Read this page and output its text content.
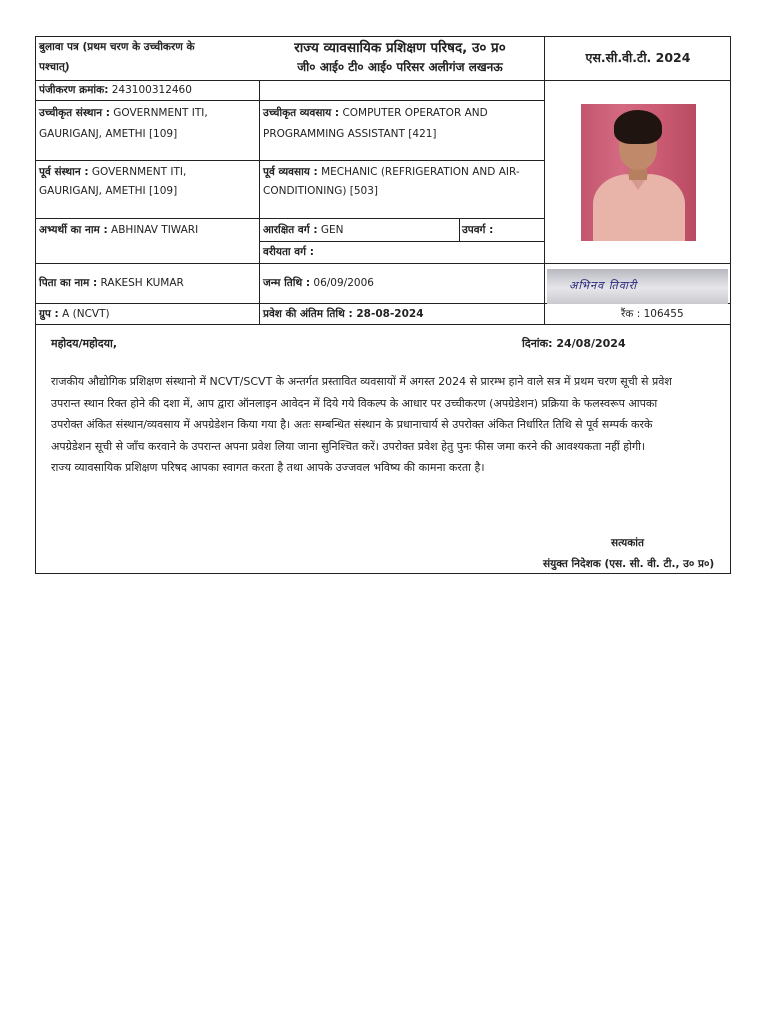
बुलावा पत्र (प्रथम चरण के उच्चीकरण के
पश्चात्)
राज्य व्यावसायिक प्रशिक्षण परिषद, उ० प्र०
जी० आई० टी० आई० परिसर अलीगंज लखनऊ
एस.सी.वी.टी. 2024
पंजीकरण क्रमांक: 243100312460
उच्चीकृत संस्थान : GOVERNMENT ITI,
GAURIGANJ, AMETHI [109]
उच्चीकृत व्यवसाय : COMPUTER OPERATOR AND
PROGRAMMING ASSISTANT [421]
पूर्व संस्थान : GOVERNMENT ITI,
GAURIGANJ, AMETHI [109]
पूर्व व्यवसाय : MECHANIC (REFRIGERATION AND AIR-
CONDITIONING) [503]
अभ्यर्थी का नाम : ABHINAV TIWARI	आरक्षित वर्ग : GEN	उपवर्ग :
वरीयता वर्ग :
पिता का नाम : RAKESH KUMAR	जन्म तिथि : 06/09/2006
ग्रुप : A (NCVT)	प्रवेश की अंतिम तिथि : 28-08-2024	रैंक : 106455
अभिनव तिवारी
महोदय/महोदया,	दिनांक: 24/08/2024
राजकीय औद्योगिक प्रशिक्षण संस्थानो में NCVT/SCVT के अन्तर्गत प्रस्तावित व्यवसायों में अगस्त 2024 से प्रारम्भ हाने वाले सत्र में प्रथम चरण सूची से प्रवेश
उपरान्त स्थान रिक्त होने की दशा में, आप द्वारा ऑनलाइन आवेदन में दिये गये विकल्प के आधार पर उच्चीकरण (अपग्रेडेशन) प्रक्रिया के फलस्वरूप आपका
उपरोक्त अंकित संस्थान/व्यवसाय में अपग्रेडेशन किया गया है। अतः सम्बन्धित संस्थान के प्रधानाचार्य से उपरोक्त अंकित निर्धारित तिथि से पूर्व सम्पर्क करके
अपग्रेडेशन सूची से जाँच करवाने के उपरान्त अपना प्रवेश लिया जाना सुनिश्चित करें। उपरोक्त प्रवेश हेतु पुनः फीस जमा करने की आवश्यकता नहीं होगी।
राज्य व्यावसायिक प्रशिक्षण परिषद आपका स्वागत करता है तथा आपके उज्जवल भविष्य की कामना करता है।
सत्यकांत
संयुक्त निदेशक (एस. सी. वी. टी., उ० प्र०)
